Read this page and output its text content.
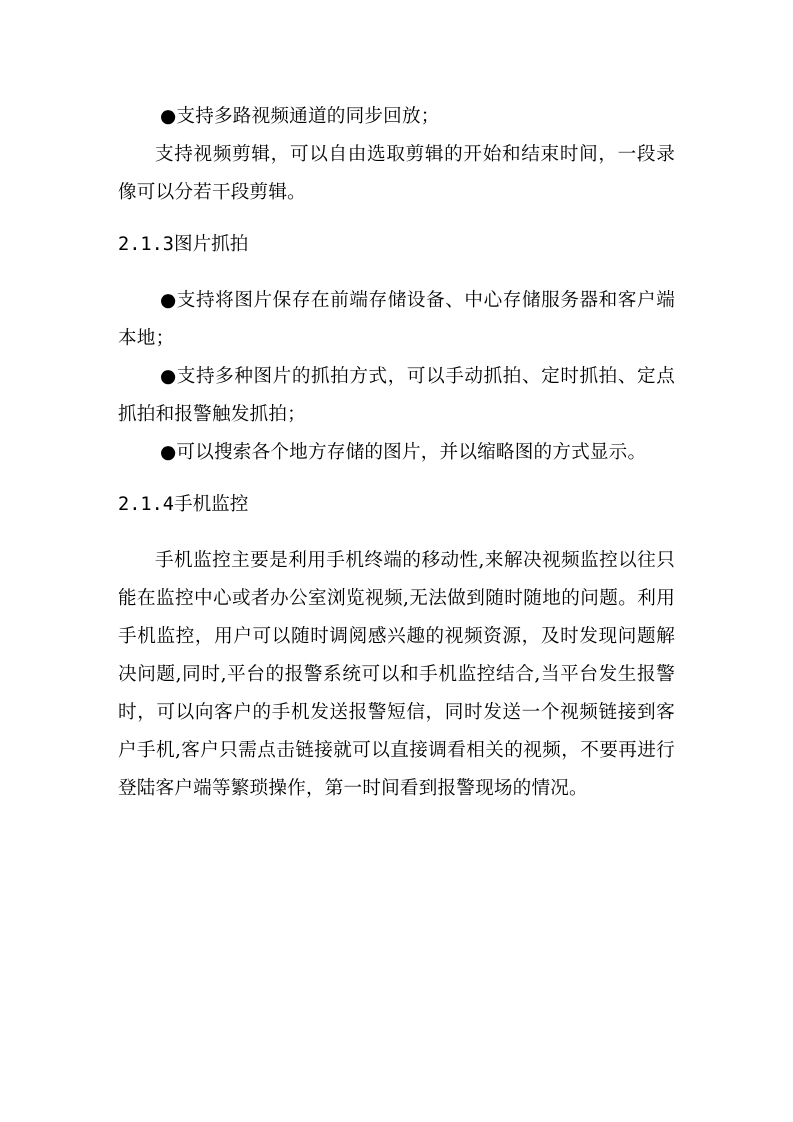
●支持多路视频通道的同步回放；

支持视频剪辑，可以自由选取剪辑的开始和结束时间，一段录像可以分若干段剪辑。

2.1.3图片抓拍

●支持将图片保存在前端存储设备、中心存储服务器和客户端本地；

●支持多种图片的抓拍方式，可以手动抓拍、定时抓拍、定点抓拍和报警触发抓拍；

●可以搜索各个地方存储的图片，并以缩略图的方式显示。

2.1.4手机监控

手机监控主要是利用手机终端的移动性,来解决视频监控以往只能在监控中心或者办公室浏览视频,无法做到随时随地的问题。利用手机监控，用户可以随时调阅感兴趣的视频资源，及时发现问题解决问题,同时,平台的报警系统可以和手机监控结合,当平台发生报警时，可以向客户的手机发送报警短信，同时发送一个视频链接到客户手机,客户只需点击链接就可以直接调看相关的视频，不要再进行登陆客户端等繁琐操作，第一时间看到报警现场的情况。
